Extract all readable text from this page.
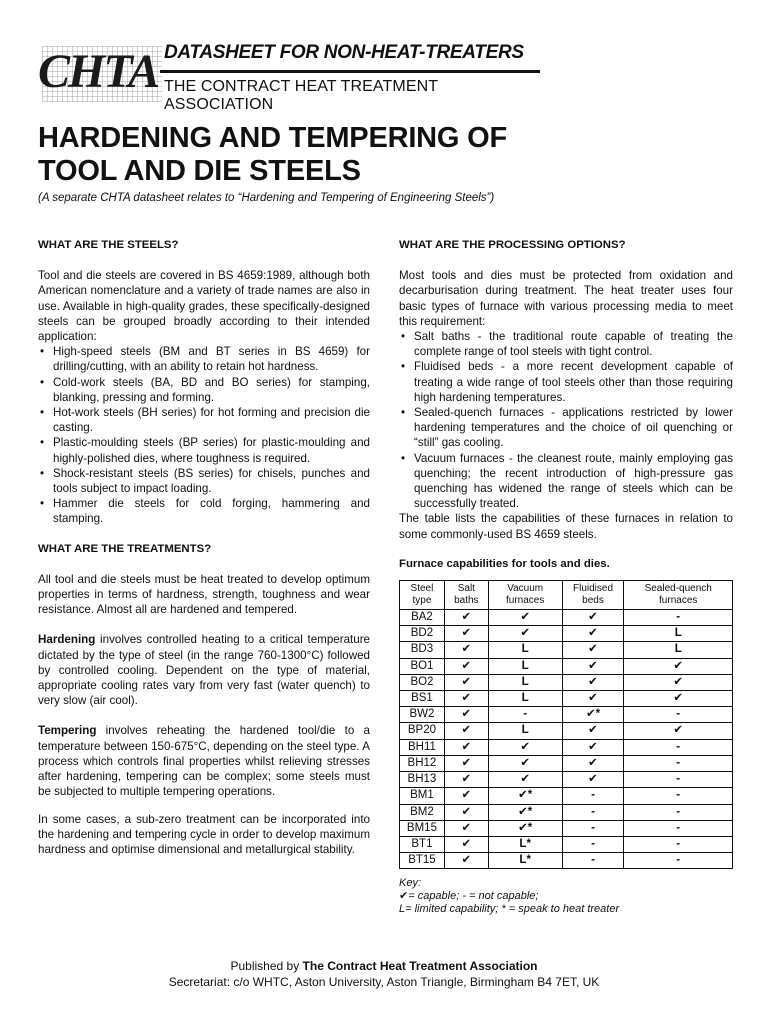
CHTA DATASHEET FOR NON-HEAT-TREATERS
THE CONTRACT HEAT TREATMENT ASSOCIATION
HARDENING AND TEMPERING OF
TOOL AND DIE STEELS
(A separate CHTA datasheet relates to “Hardening and Tempering of Engineering Steels”)
WHAT ARE THE STEELS?

Tool and die steels are covered in BS 4659:1989, although both American nomenclature and a variety of trade names are also in use. Available in high-quality grades, these specifically-designed steels can be grouped broadly according to their intended application:

• High-speed steels (BM and BT series in BS 4659) for drilling/cutting, with an ability to retain hot hardness.
• Cold-work steels (BA, BD and BO series) for stamping, blanking, pressing and forming.
• Hot-work steels (BH series) for hot forming and precision die casting.
• Plastic-moulding steels (BP series) for plastic-moulding and highly-polished dies, where toughness is required.
• Shock-resistant steels (BS series) for chisels, punches and tools subject to impact loading.
• Hammer die steels for cold forging, hammering and stamping.
WHAT ARE THE TREATMENTS?

All tool and die steels must be heat treated to develop optimum properties in terms of hardness, strength, toughness and wear resistance. Almost all are hardened and tempered.

Hardening involves controlled heating to a critical temperature dictated by the type of steel (in the range 760-1300°C) followed by controlled cooling. Dependent on the type of material, appropriate cooling rates vary from very fast (water quench) to very slow (air cool).

Tempering involves reheating the hardened tool/die to a temperature between 150-675°C, depending on the steel type. A process which controls final properties whilst relieving stresses after hardening, tempering can be complex; some steels must be subjected to multiple tempering operations.

In some cases, a sub-zero treatment can be incorporated into the hardening and tempering cycle in order to develop maximum hardness and optimise dimensional and metallurgical stability.

WHAT ARE THE PROCESSING OPTIONS?

Most tools and dies must be protected from oxidation and decarburisation during treatment. The heat treater uses four basic types of furnace with various processing media to meet this requirement:

• Salt baths - the traditional route capable of treating the complete range of tool steels with tight control.
• Fluidised beds - a more recent development capable of treating a wide range of tool steels other than those requiring high hardening temperatures.
• Sealed-quench furnaces - applications restricted by lower hardening temperatures and the choice of oil quenching or “still” gas cooling.
• Vacuum furnaces - the cleanest route, mainly employing gas quenching; the recent introduction of high-pressure gas quenching has widened the range of steels which can be successfully treated.

The table lists the capabilities of these furnaces in relation to some commonly-used BS 4659 steels.

Furnace capabilities for tools and dies.
Steel type	Salt baths	Vacuum furnaces	Fluidised beds	Sealed-quench furnaces
BA2	✔	✔	✔	-
BD2	✔	✔	✔	L
BD3	✔	L	✔	L
BO1	✔	L	✔	✔
BO2	✔	L	✔	✔
BS1	✔	L	✔	✔
BW2	✔	-	✔*	-
BP20	✔	L	✔	✔
BH11	✔	✔	✔	-
BH12	✔	✔	✔	-
BH13	✔	✔	✔	-
BM1	✔	✔*	-	-
BM2	✔	✔*	-	-
BM15	✔	✔*	-	-
BT1	✔	L*	-	-
BT15	✔	L*	-	-
Key:
✔= capable; - = not capable;
L= limited capability; * = speak to heat treater
Published by The Contract Heat Treatment Association
Secretariat: c/o WHTC, Aston University, Aston Triangle, Birmingham B4 7ET, UK
